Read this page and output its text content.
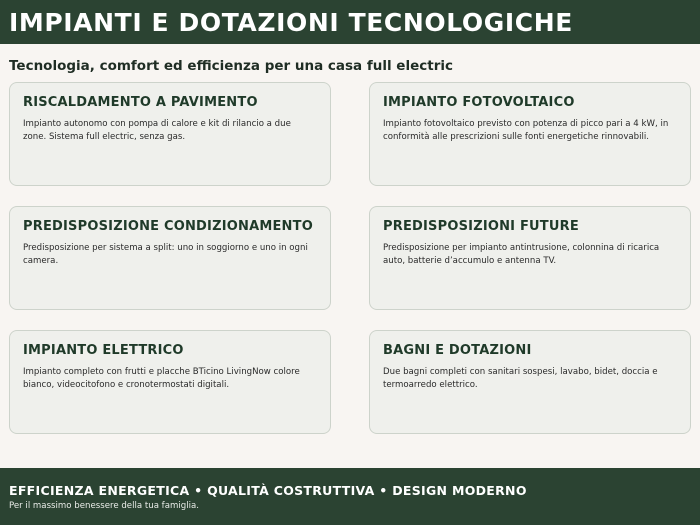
IMPIANTI E DOTAZIONI TECNOLOGICHE

Tecnologia, comfort ed efficienza per una casa full electric

RISCALDAMENTO A PAVIMENTO

Impianto autonomo con pompa di calore e kit di rilancio a due zone. Sistema full electric, senza gas.

IMPIANTO FOTOVOLTAICO

Impianto fotovoltaico previsto con potenza di picco pari a 4 kW, in conformità alle prescrizioni sulle fonti energetiche rinnovabili.

PREDISPOSIZIONE CONDIZIONAMENTO

Predisposizione per sistema a split: uno in soggiorno e uno in ogni camera.

PREDISPOSIZIONI FUTURE

Predisposizione per impianto antintrusione, colonnina di ricarica auto, batterie d’accumulo e antenna TV.

IMPIANTO ELETTRICO

Impianto completo con frutti e placche BTicino LivingNow colore bianco, videocitofono e cronotermostati digitali.

BAGNI E DOTAZIONI

Due bagni completi con sanitari sospesi, lavabo, bidet, doccia e termoarredo elettrico.

EFFICIENZA ENERGETICA • QUALITÀ COSTRUTTIVA • DESIGN MODERNO

Per il massimo benessere della tua famiglia.
